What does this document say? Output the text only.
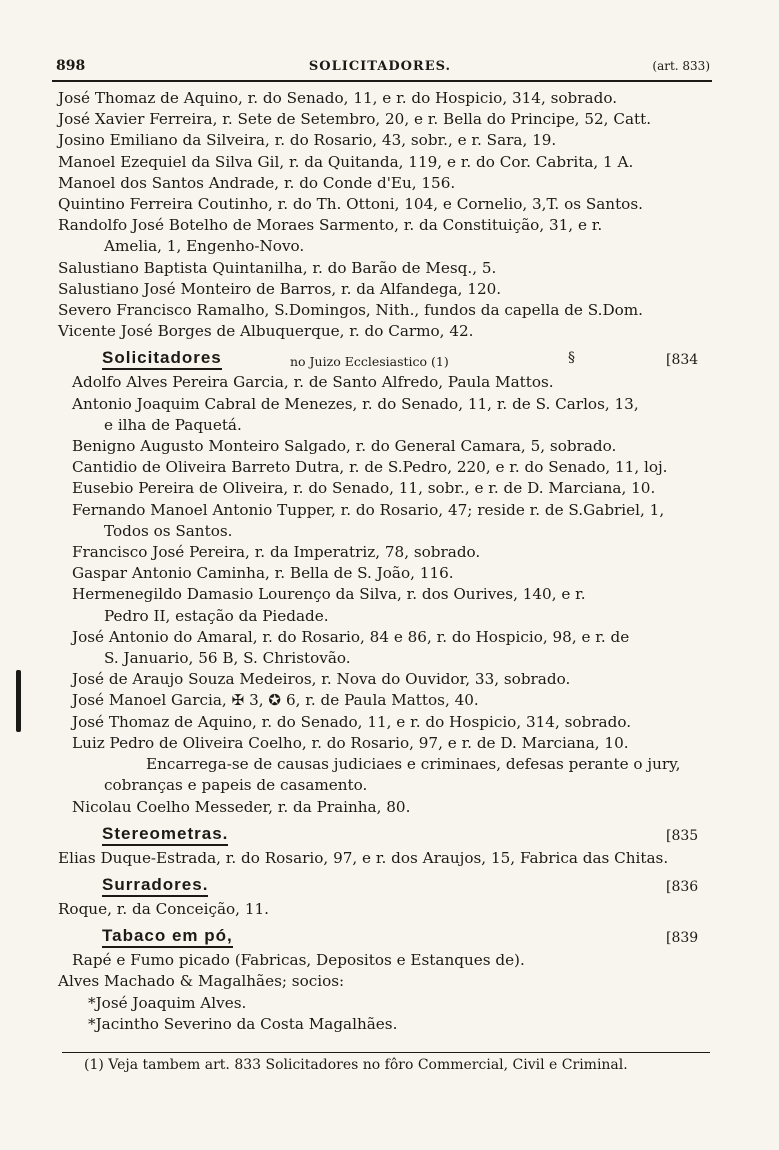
898	SOLICITADORES.	(art. 833)

José Thomaz de Aquino, r. do Senado, 11, e r. do Hospicio, 314, sobrado.

José Xavier Ferreira, r. Sete de Setembro, 20, e r. Bella do Principe, 52, Catt.

Josino Emiliano da Silveira, r. do Rosario, 43, sobr., e r. Sara, 19.

Manoel Ezequiel da Silva Gil, r. da Quitanda, 119, e r. do Cor. Cabrita, 1 A.

Manoel dos Santos Andrade, r. do Conde d'Eu, 156.

Quintino Ferreira Coutinho, r. do Th. Ottoni, 104, e Cornelio, 3,T. os Santos.

Randolfo José Botelho de Moraes Sarmento, r. da Constituição, 31, e r.

Amelia, 1, Engenho-Novo.

Salustiano Baptista Quintanilha, r. do Barão de Mesq., 5.

Salustiano José Monteiro de Barros, r. da Alfandega, 120.

Severo Francisco Ramalho, S.Domingos, Nith., fundos da capella de S.Dom.

Vicente José Borges de Albuquerque, r. do Carmo, 42.

Solicitadores	no Juizo Ecclesiastico (1)	§	[834

Adolfo Alves Pereira Garcia, r. de Santo Alfredo, Paula Mattos.

Antonio Joaquim Cabral de Menezes, r. do Senado, 11, r. de S. Carlos, 13,

e ilha de Paquetá.

Benigno Augusto Monteiro Salgado, r. do General Camara, 5, sobrado.

Cantidio de Oliveira Barreto Dutra, r. de S.Pedro, 220, e r. do Senado, 11, loj.

Eusebio Pereira de Oliveira, r. do Senado, 11, sobr., e r. de D. Marciana, 10.

Fernando Manoel Antonio Tupper, r. do Rosario, 47; reside r. de S.Gabriel, 1,

Todos os Santos.

Francisco José Pereira, r. da Imperatriz, 78, sobrado.

Gaspar Antonio Caminha, r. Bella de S. João, 116.

Hermenegildo Damasio Lourenço da Silva, r. dos Ourives, 140, e r.

Pedro II, estação da Piedade.

José Antonio do Amaral, r. do Rosario, 84 e 86, r. do Hospicio, 98, e r. de

S. Januario, 56 B, S. Christovão.

José de Araujo Souza Medeiros, r. Nova do Ouvidor, 33, sobrado.

José Manoel Garcia, ✠ 3, ✪ 6, r. de Paula Mattos, 40.

José Thomaz de Aquino, r. do Senado, 11, e r. do Hospicio, 314, sobrado.

Luiz Pedro de Oliveira Coelho, r. do Rosario, 97, e r. de D. Marciana, 10.

Encarrega-se de causas judiciaes e criminaes, defesas perante o jury,

cobranças e papeis de casamento.

Nicolau Coelho Messeder, r. da Prainha, 80.

Stereometras.	[835

Elias Duque-Estrada, r. do Rosario, 97, e r. dos Araujos, 15, Fabrica das Chitas.

Surradores.	[836

Roque, r. da Conceição, 11.

Tabaco em pó,	[839

Rapé e Fumo picado (Fabricas, Depositos e Estanques de).

Alves Machado & Magalhães; socios:

*José Joaquim Alves.

*Jacintho Severino da Costa Magalhães.

(1) Veja tambem art. 833 Solicitadores no fôro Commercial, Civil e Criminal.
